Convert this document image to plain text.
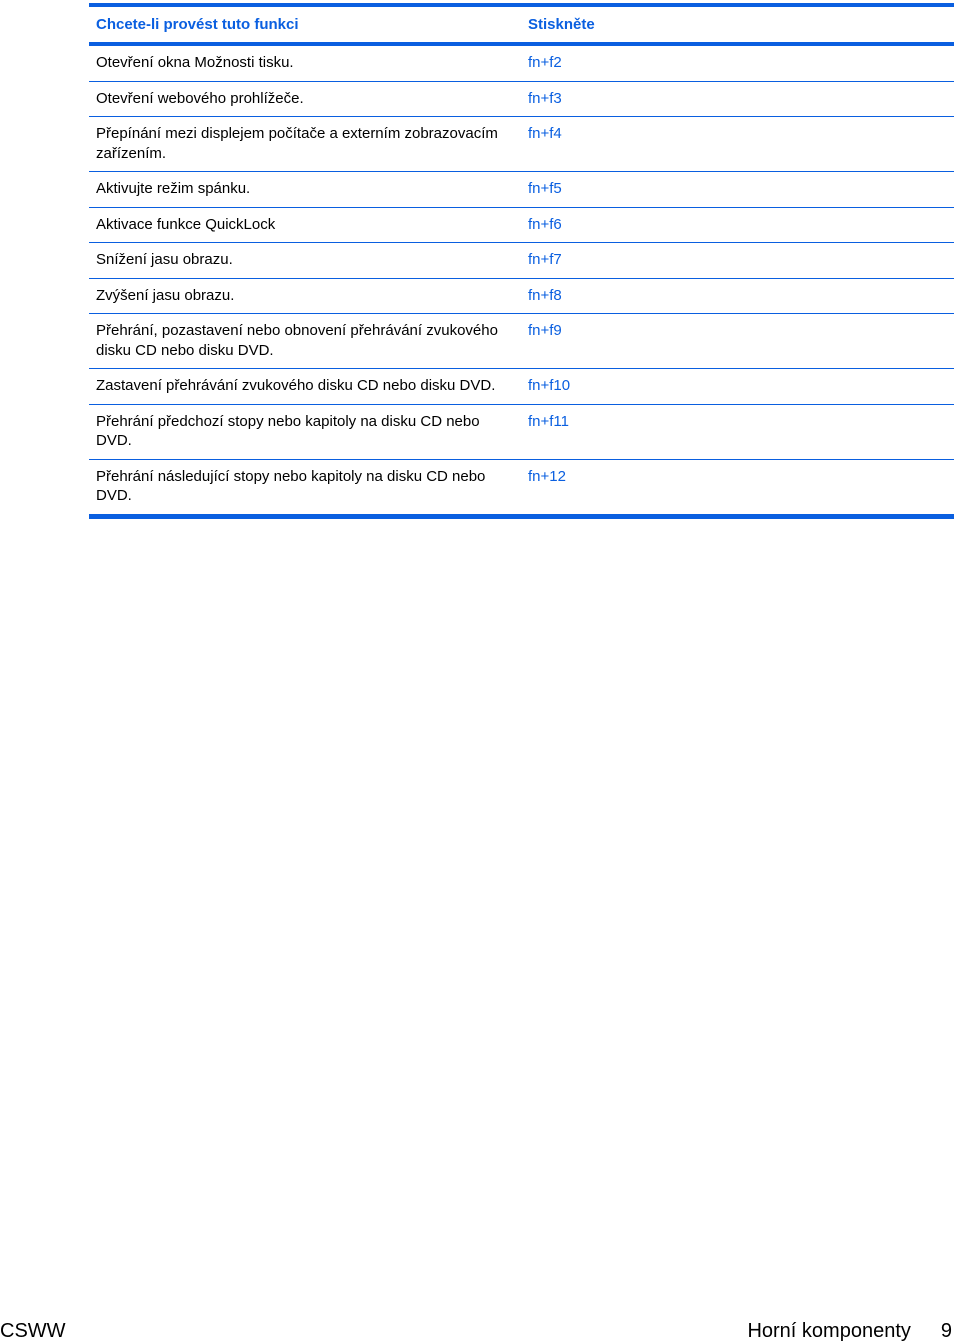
Chcete-li provést tuto funkci	Stiskněte
Otevření okna Možnosti tisku.	fn+f2
Otevření webového prohlížeče.	fn+f3
Přepínání mezi displejem počítače a externím zobrazovacím zařízením.	fn+f4
Aktivujte režim spánku.	fn+f5
Aktivace funkce QuickLock	fn+f6
Snížení jasu obrazu.	fn+f7
Zvýšení jasu obrazu.	fn+f8
Přehrání, pozastavení nebo obnovení přehrávání zvukového disku CD nebo disku DVD.	fn+f9
Zastavení přehrávání zvukového disku CD nebo disku DVD.	fn+f10
Přehrání předchozí stopy nebo kapitoly na disku CD nebo DVD.	fn+f11
Přehrání následující stopy nebo kapitoly na disku CD nebo DVD.	fn+12
CSWW	Horní komponenty 9
